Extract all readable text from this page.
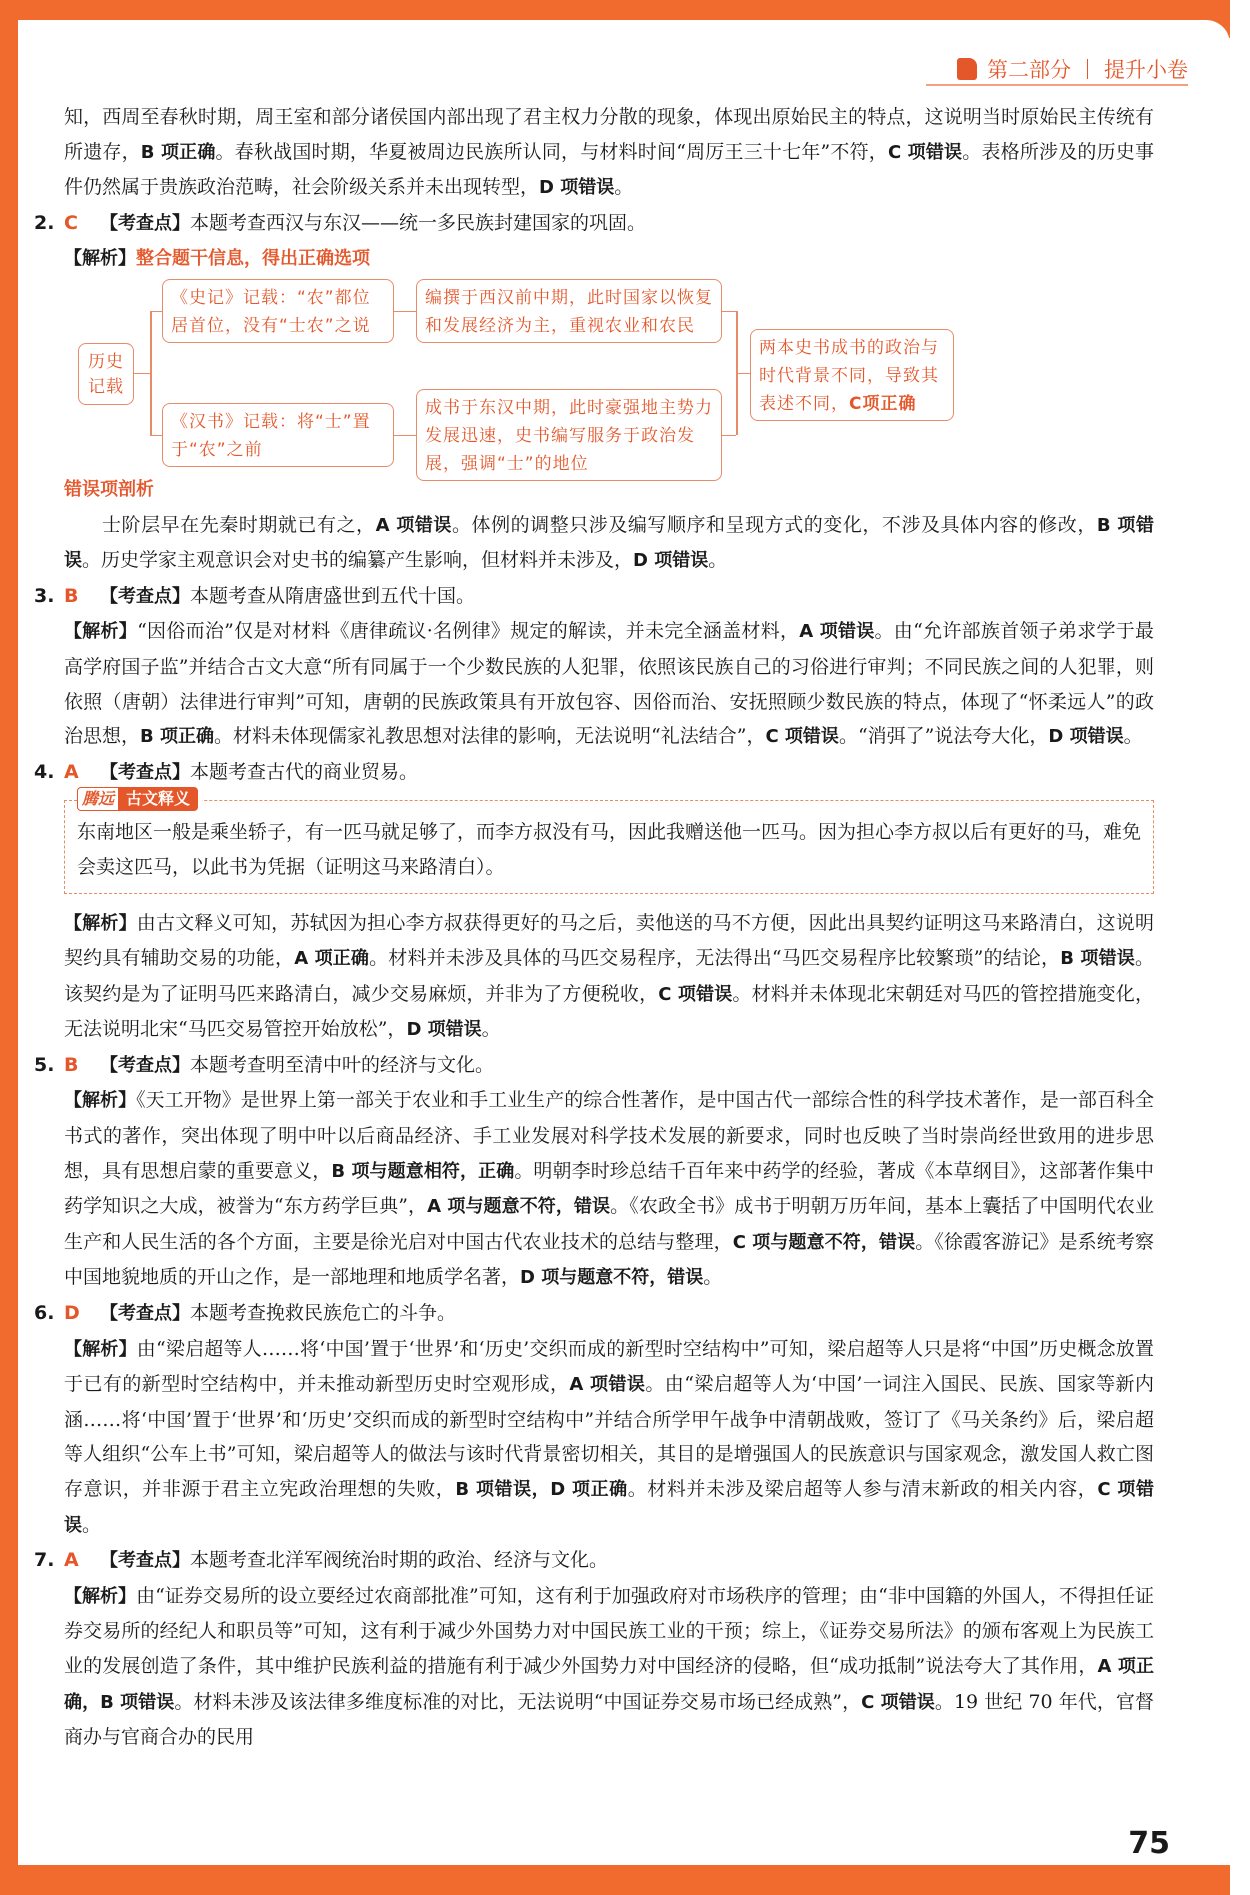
第二部分 提升小卷

知，西周至春秋时期，周王室和部分诸侯国内部出现了君主权力分散的现象，体现出原始民主的特点，这说明当时原始民主传统有所遗存，B 项正确。春秋战国时期，华夏被周边民族所认同，与材料时间“周厉王三十七年”不符，C 项错误。表格所涉及的历史事件仍然属于贵族政治范畴，社会阶级关系并未出现转型，D 项错误。

2. C	【考查点】 本题考查西汉与东汉——统一多民族封建国家的巩固。

【解析】整合题干信息，得出正确选项

历史记载
《史记》记载：“农”都位居首位，没有“士农”之说
《汉书》记载：将“士”置于“农”之前
编撰于西汉前中期，此时国家以恢复和发展经济为主，重视农业和农民
成书于东汉中期，此时豪强地主势力发展迅速，史书编写服务于政治发展，强调“士”的地位
两本史书成书的政治与时代背景不同，导致其表述不同，C项正确

错误项剖析

士阶层早在先秦时期就已有之，A 项错误。体例的调整只涉及编写顺序和呈现方式的变化，不涉及具体内容的修改，B 项错误。历史学家主观意识会对史书的编纂产生影响，但材料并未涉及，D 项错误。

3. B	【考查点】 本题考查从隋唐盛世到五代十国。

【解析】“因俗而治”仅是对材料《唐律疏议·名例律》规定的解读，并未完全涵盖材料，A 项错误。由“允许部族首领子弟求学于最高学府国子监”并结合古文大意“所有同属于一个少数民族的人犯罪，依照该民族自己的习俗进行审判；不同民族之间的人犯罪，则依照（唐朝）法律进行审判”可知，唐朝的民族政策具有开放包容、因俗而治、安抚照顾少数民族的特点，体现了“怀柔远人”的政治思想，B 项正确。材料未体现儒家礼教思想对法律的影响，无法说明“礼法结合”，C 项错误。“消弭了”说法夸大化，D 项错误。

4. A	【考查点】 本题考查古代的商业贸易。
腾远 古文释义

东南地区一般是乘坐轿子，有一匹马就足够了，而李方叔没有马，因此我赠送他一匹马。因为担心李方叔以后有更好的马，难免会卖这匹马，以此书为凭据（证明这马来路清白）。

【解析】由古文释义可知，苏轼因为担心李方叔获得更好的马之后，卖他送的马不方便，因此出具契约证明这马来路清白，这说明契约具有辅助交易的功能，A 项正确。材料并未涉及具体的马匹交易程序，无法得出“马匹交易程序比较繁琐”的结论，B 项错误。该契约是为了证明马匹来路清白，减少交易麻烦，并非为了方便税收，C 项错误。材料并未体现北宋朝廷对马匹的管控措施变化，无法说明北宋“马匹交易管控开始放松”，D 项错误。

5. B	【考查点】 本题考查明至清中叶的经济与文化。

【解析】《天工开物》是世界上第一部关于农业和手工业生产的综合性著作，是中国古代一部综合性的科学技术著作，是一部百科全书式的著作，突出体现了明中叶以后商品经济、手工业发展对科学技术发展的新要求，同时也反映了当时崇尚经世致用的进步思想，具有思想启蒙的重要意义，B 项与题意相符，正确。明朝李时珍总结千百年来中药学的经验，著成《本草纲目》，这部著作集中药学知识之大成，被誉为“东方药学巨典”，A 项与题意不符，错误。《农政全书》成书于明朝万历年间，基本上囊括了中国明代农业生产和人民生活的各个方面，主要是徐光启对中国古代农业技术的总结与整理，C 项与题意不符，错误。《徐霞客游记》是系统考察中国地貌地质的开山之作，是一部地理和地质学名著，D 项与题意不符，错误。

6. D	【考查点】 本题考查挽救民族危亡的斗争。

【解析】由“梁启超等人……将‘中国’置于‘世界’和‘历史’交织而成的新型时空结构中”可知，梁启超等人只是将“中国”历史概念放置于已有的新型时空结构中，并未推动新型历史时空观形成，A 项错误。由“梁启超等人为‘中国’一词注入国民、民族、国家等新内涵……将‘中国’置于‘世界’和‘历史’交织而成的新型时空结构中”并结合所学甲午战争中清朝战败，签订了《马关条约》后，梁启超等人组织“公车上书”可知，梁启超等人的做法与该时代背景密切相关，其目的是增强国人的民族意识与国家观念，激发国人救亡图存意识，并非源于君主立宪政治理想的失败，B 项错误，D 项正确。材料并未涉及梁启超等人参与清末新政的相关内容，C 项错误。

7. A	【考查点】 本题考查北洋军阀统治时期的政治、经济与文化。

【解析】由“证券交易所的设立要经过农商部批准”可知，这有利于加强政府对市场秩序的管理；由“非中国籍的外国人，不得担任证券交易所的经纪人和职员等”可知，这有利于减少外国势力对中国民族工业的干预；综上，《证券交易所法》的颁布客观上为民族工业的发展创造了条件，其中维护民族利益的措施有利于减少外国势力对中国经济的侵略，但“成功抵制”说法夸大了其作用，A 项正确，B 项错误。材料未涉及该法律多维度标准的对比，无法说明“中国证券交易市场已经成熟”，C 项错误。19 世纪 70 年代，官督商办与官商合办的民用

75
